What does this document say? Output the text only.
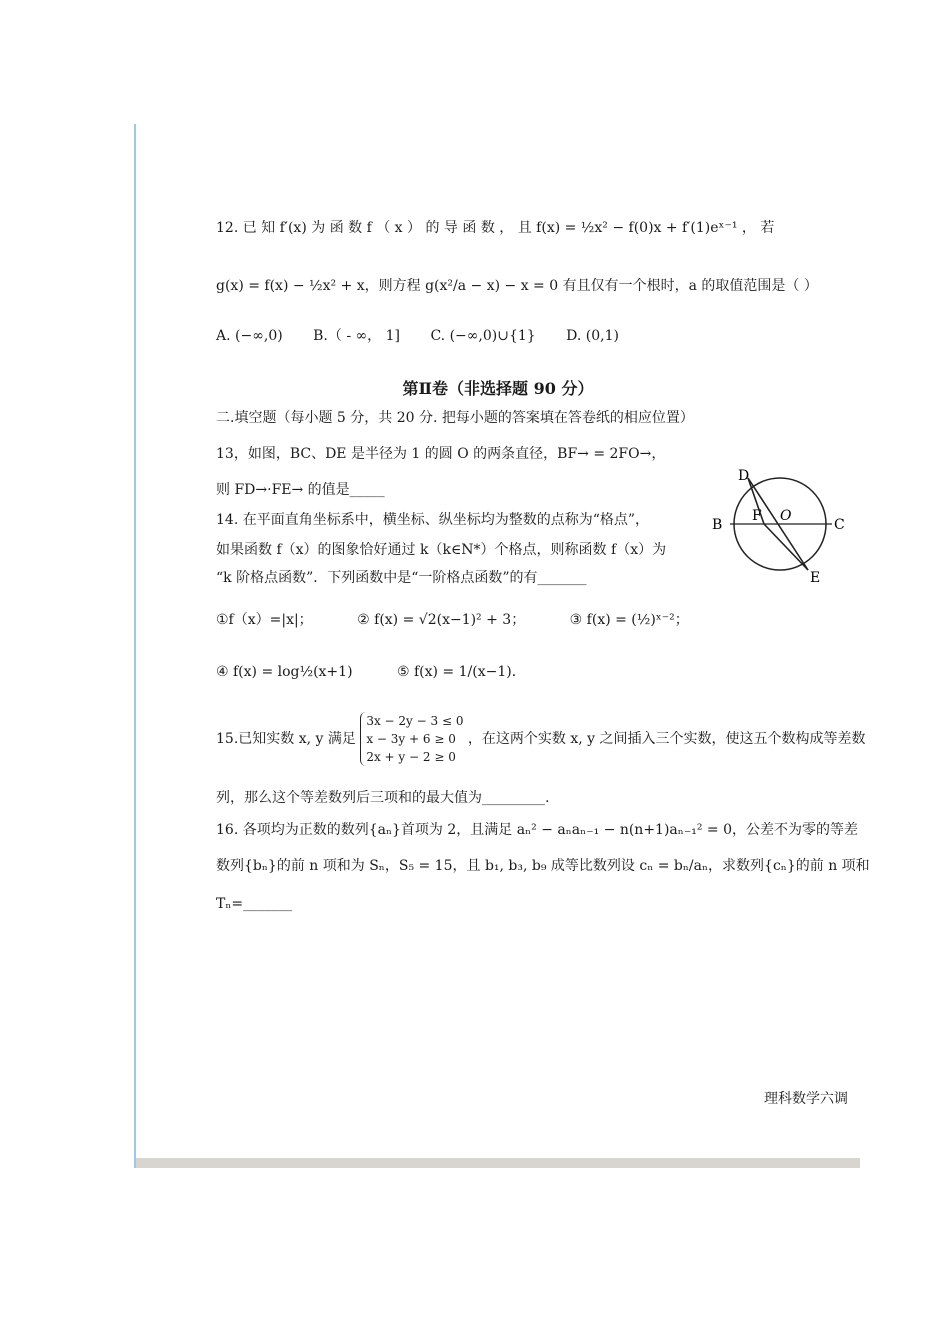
12. 已 知 f′(x) 为 函 数 f （ x ） 的 导 函 数 ， 且 f(x) = ½x² − f(0)x + f′(1)eˣ⁻¹ ， 若
g(x) = f(x) − ½x² + x，则方程 g(x²/a − x) − x = 0 有且仅有一个根时，a 的取值范围是（ ）
A. (−∞,0) B.（ - ∞， 1] C. (−∞,0)∪{1} D. (0,1)
第Ⅱ卷（非选择题 90 分）
二.填空题（每小题 5 分，共 20 分. 把每小题的答案填在答卷纸的相应位置）
13，如图，BC、DE 是半径为 1 的圆 O 的两条直径，BF→ = 2FO→，
则 FD→·FE→ 的值是_____
14. 在平面直角坐标系中，横坐标、纵坐标均为整数的点称为“格点”，
如果函数 f（x）的图象恰好通过 k（k∈N*）个格点，则称函数 f（x）为
“k 阶格点函数”．下列函数中是“一阶格点函数”的有_______
①f（x）=|x|；	② f(x) = √2(x−1)² + 3；	③ f(x) = (½)ˣ⁻²；
④ f(x) = log½(x+1)	⑤ f(x) = 1/(x−1)．
15.已知实数 x, y 满足
3x − 2y − 3 ≤ 0
x − 3y + 6 ≥ 0
2x + y − 2 ≥ 0
，在这两个实数 x, y 之间插入三个实数，使这五个数构成等差数
列，那么这个等差数列后三项和的最大值为_________.
16. 各项均为正数的数列{aₙ}首项为 2，且满足 aₙ² − aₙaₙ₋₁ − n(n+1)aₙ₋₁² = 0，公差不为零的等差
数列{bₙ}的前 n 项和为 Sₙ，S₅ = 15，且 b₁, b₃, b₉ 成等比数列设 cₙ = bₙ/aₙ，求数列{cₙ}的前 n 项和
Tₙ=_______
D
B
F O
C
E
理科数学六调
